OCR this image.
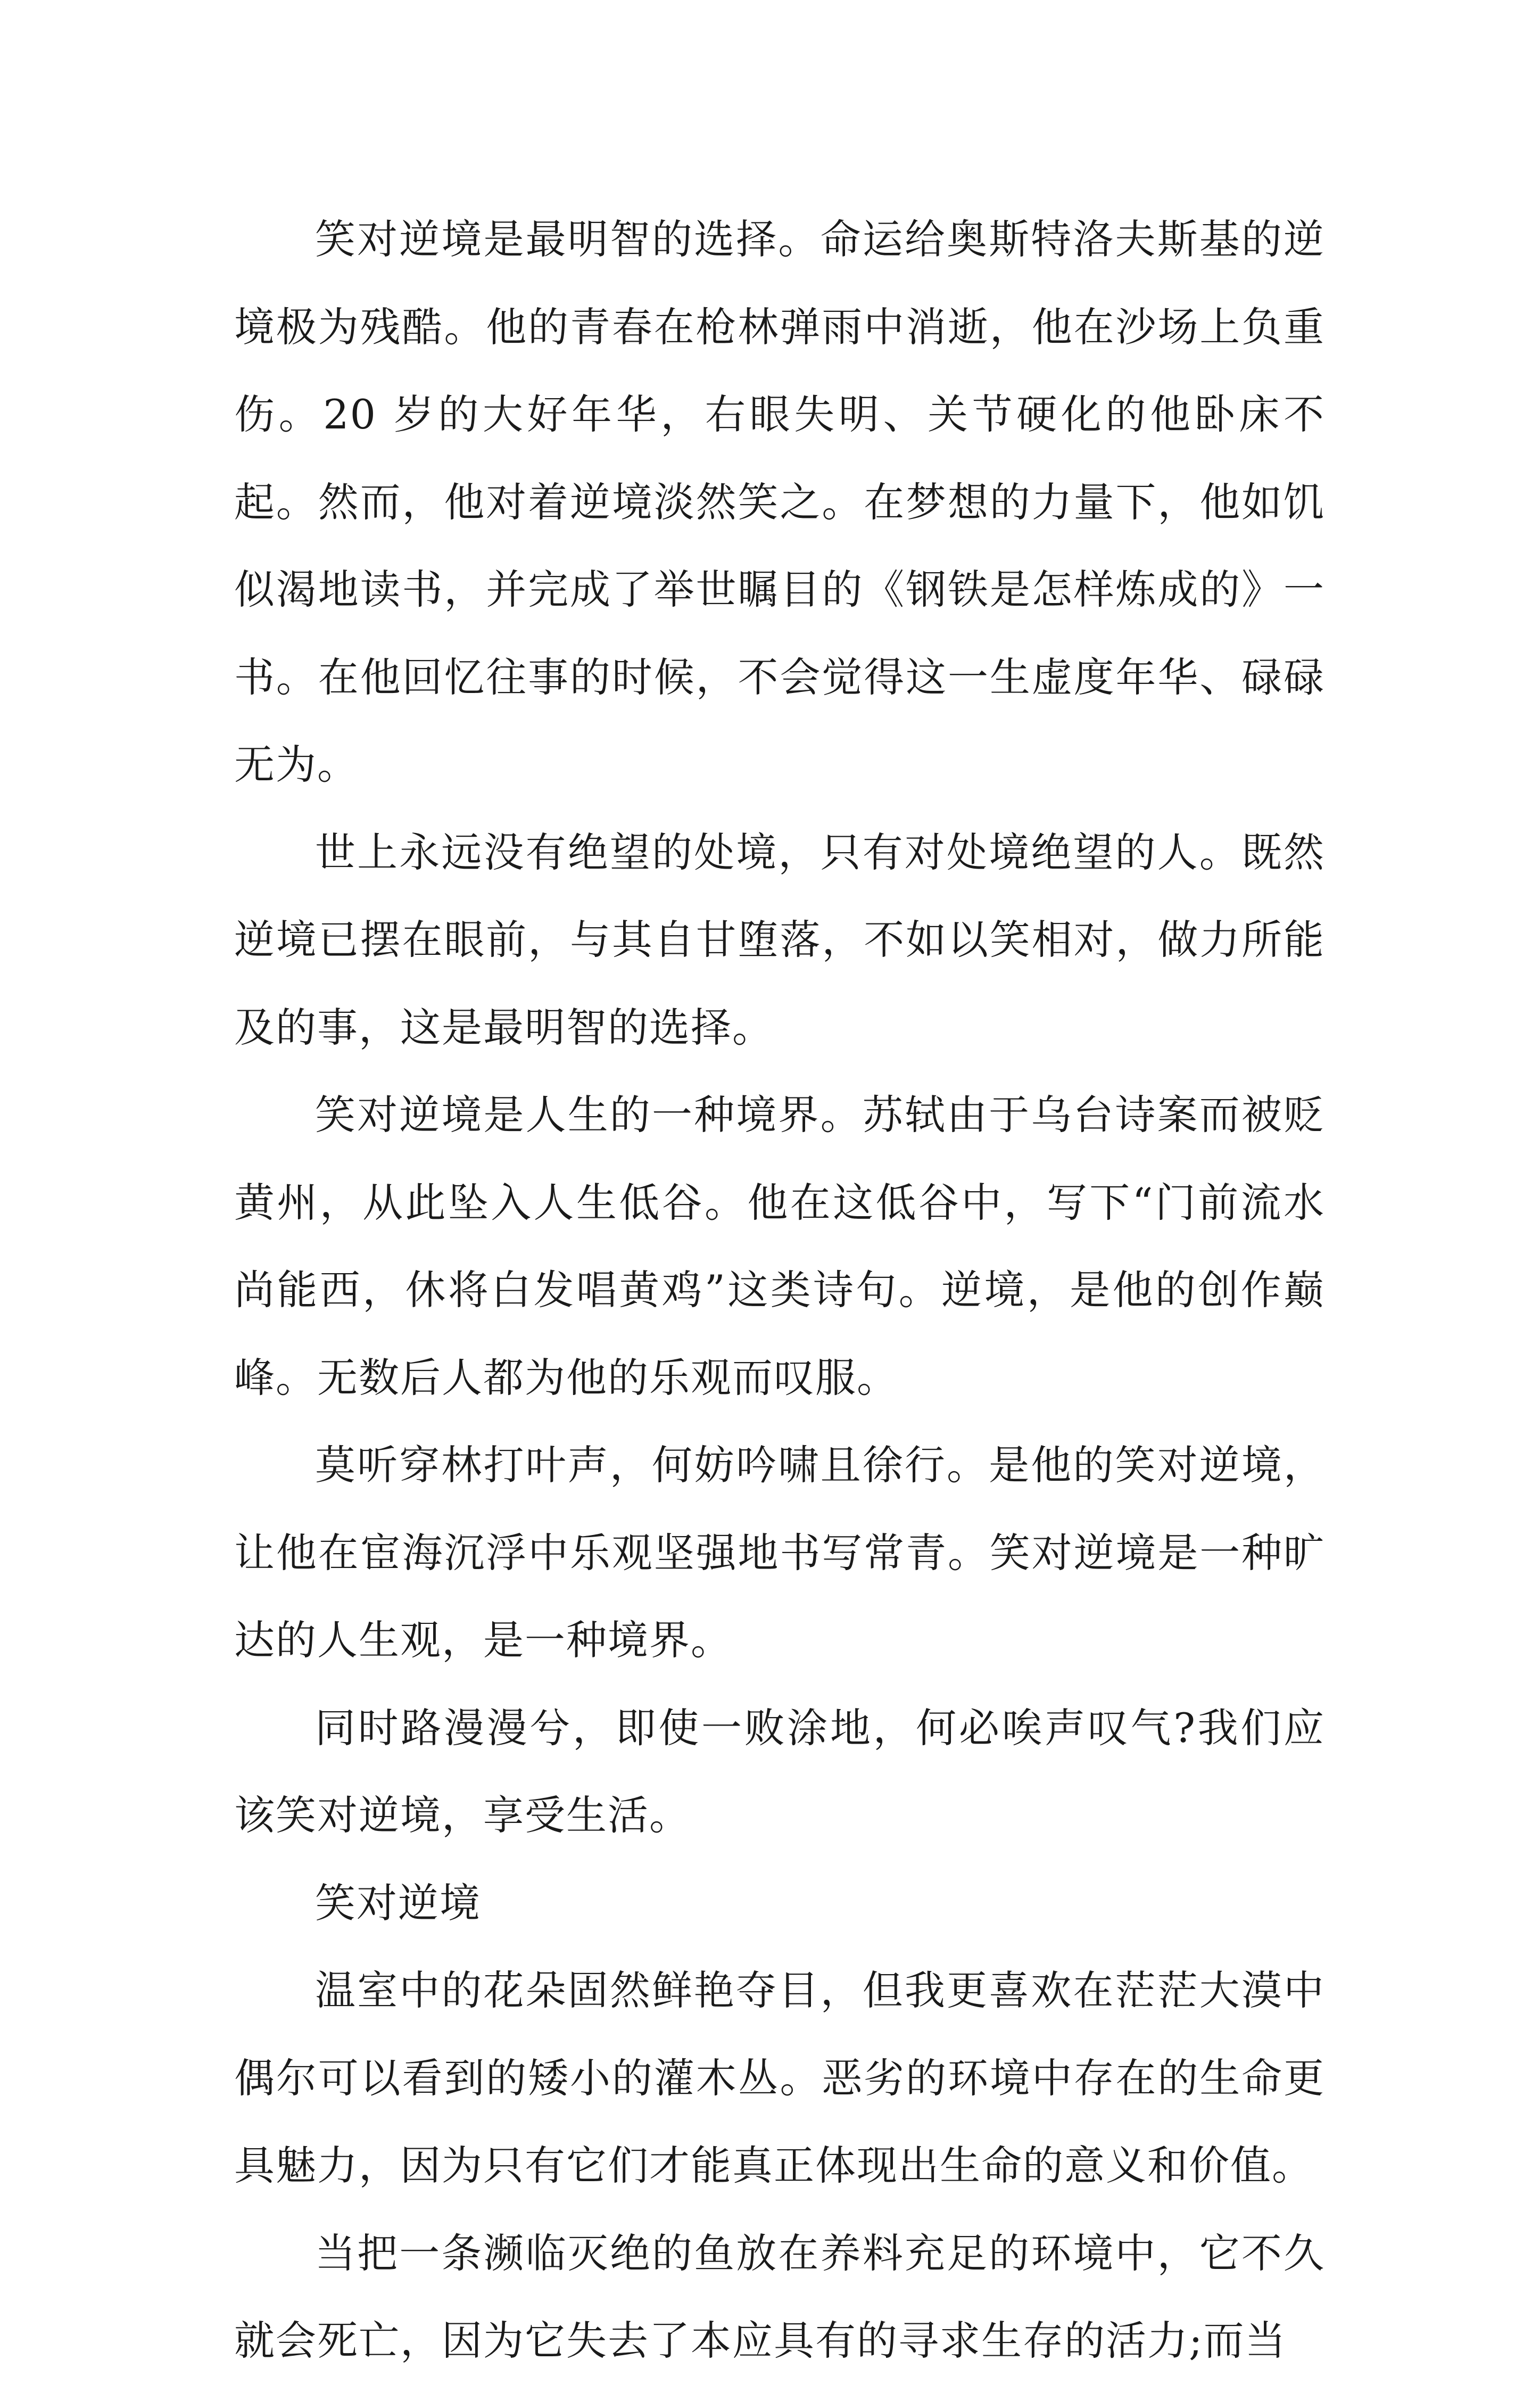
笑对逆境是最明智的选择。命运给奥斯特洛夫斯基的逆境极为残酷。他的青春在枪林弹雨中消逝，他在沙场上负重伤。20 岁的大好年华，右眼失明、关节硬化的他卧床不起。然而，他对着逆境淡然笑之。在梦想的力量下，他如饥似渴地读书，并完成了举世瞩目的《钢铁是怎样炼成的》一书。在他回忆往事的时候，不会觉得这一生虚度年华、碌碌无为。

世上永远没有绝望的处境，只有对处境绝望的人。既然逆境已摆在眼前，与其自甘堕落，不如以笑相对，做力所能及的事，这是最明智的选择。

笑对逆境是人生的一种境界。苏轼由于乌台诗案而被贬黄州，从此坠入人生低谷。他在这低谷中，写下“门前流水尚能西，休将白发唱黄鸡”这类诗句。逆境，是他的创作巅峰。无数后人都为他的乐观而叹服。

莫听穿林打叶声，何妨吟啸且徐行。是他的笑对逆境，让他在宦海沉浮中乐观坚强地书写常青。笑对逆境是一种旷达的人生观，是一种境界。

同时路漫漫兮，即使一败涂地，何必唉声叹气?我们应该笑对逆境，享受生活。

笑对逆境

温室中的花朵固然鲜艳夺目，但我更喜欢在茫茫大漠中偶尔可以看到的矮小的灌木丛。恶劣的环境中存在的生命更具魅力，因为只有它们才能真正体现出生命的意义和价值。

当把一条濒临灭绝的鱼放在养料充足的环境中，它不久就会死亡，因为它失去了本应具有的寻求生存的活力;而当
